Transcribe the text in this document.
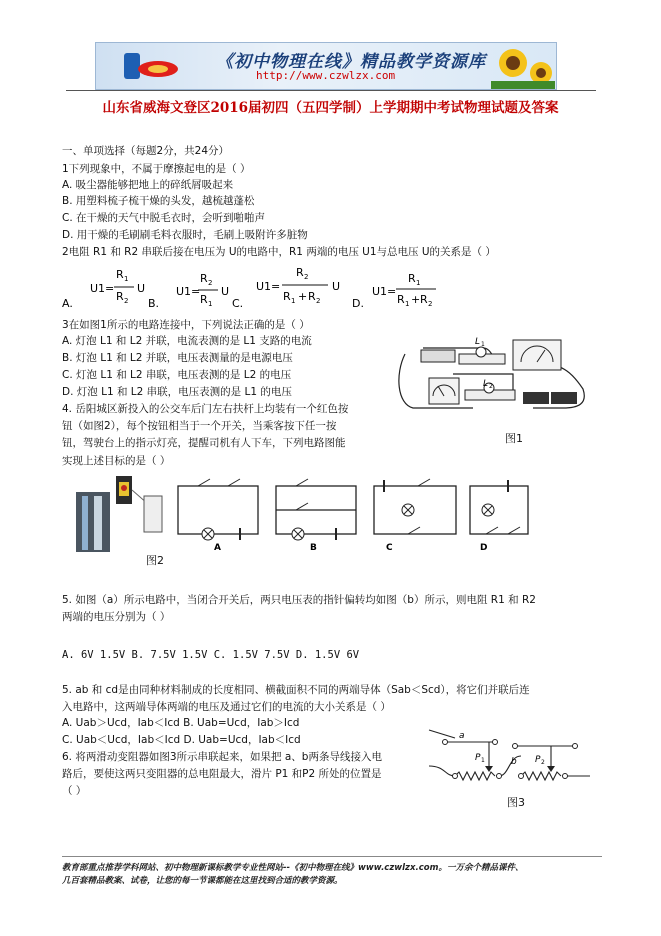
《初中物理在线》精品教学资源库
http://www.czwlzx.com
山东省威海文登区2016届初四（五四学制）上学期期中考试物理试题及答案
一、单项选择（每题2分，共24分）
1下列现象中，不属于摩擦起电的是（ ）
A. 吸尘器能够把地上的碎纸屑吸起来
B. 用塑料梳子梳干燥的头发，越梳越蓬松
C. 在干燥的天气中脱毛衣时，会听到啪啪声
D. 用干燥的毛刷刷毛料衣服时，毛刷上吸附许多脏物
2电阻 R1 和 R2 串联后接在电压为 U的电路中，R1 两端的电压 U1与总电压 U的关系是（ ）
A.
U1=
R 1
R 2
U
B.
U1=
R 2
R 1
U
C.
U1=
R 2
R 1 + R 2
U
D.
U1=
R 1
R 1 + R 2
3在如图1所示的电路连接中，下列说法正确的是（ ）
A. 灯泡 L1 和 L2 并联，电流表测的是 L1 支路的电流
B. 灯泡 L1 和 L2 并联，电压表测量的是电源电压
C. 灯泡 L1 和 L2 串联，电压表测的是 L2 的电压
D. 灯泡 L1 和 L2 串联，电压表测的是 L1 的电压
L 1
L 2
图1
4. 岳阳城区新投入的公交车后门左右扶杆上均装有一个红色按
钮（如图2），每个按钮相当于一个开关，当乘客按下任一按
钮，驾驶台上的指示灯亮，提醒司机有人下车，下列电路图能
实现上述目标的是（ ）
A	B	C	D
图2
5. 如图（a）所示电路中，当闭合开关后，两只电压表的指针偏转均如图（b）所示，则电阻 R1 和 R2
两端的电压分别为（ ）
A. 6V 1.5V B. 7.5V 1.5V C. 1.5V 7.5V D. 1.5V 6V
5. ab 和 cd是由同种材料制成的长度相同、横截面积不同的两端导体（Sab＜Scd），将它们并联后连
入电路中，这两端导体两端的电压及通过它们的电流的大小关系是（ ）
A. Uab＞Ucd，Iab＜Icd B. Uab=Ucd，Iab＞Icd
C. Uab＜Ucd，Iab＜Icd D. Uab=Ucd，Iab＜Icd
6. 将两滑动变阻器如图3所示串联起来，如果把 a、b两条导线接入电
路后，要使这两只变阻器的总电阻最大，滑片 P1 和P2 所处的位置是
（ ）
a
b
P 1	P 2
图3
教育部重点推荐学科网站、初中物理新课标教学专业性网站--《初中物理在线》www.czwlzx.com。一万余个精品课件、
几百套精品教案、试卷，让您的每一节课都能在这里找到合适的教学资源。
